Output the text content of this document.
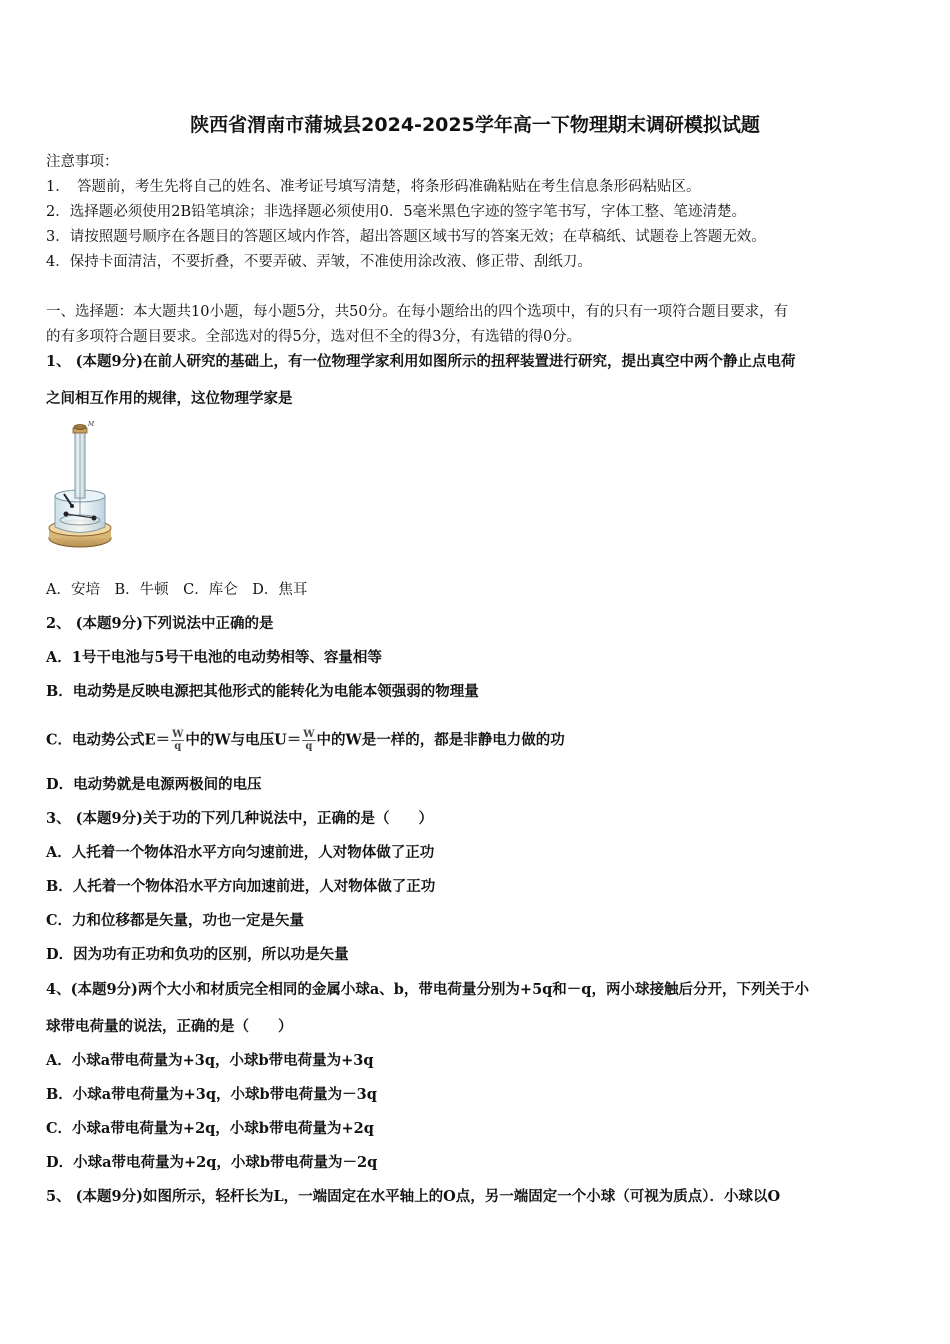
陕西省渭南市蒲城县2024-2025学年高一下物理期末调研模拟试题
注意事项：
1．　答题前，考生先将自己的姓名、准考证号填写清楚，将条形码准确粘贴在考生信息条形码粘贴区。
2．选择题必须使用2B铅笔填涂；非选择题必须使用0．5毫米黑色字迹的签字笔书写，字体工整、笔迹清楚。
3．请按照题号顺序在各题目的答题区域内作答，超出答题区域书写的答案无效；在草稿纸、试题卷上答题无效。
4．保持卡面清洁，不要折叠，不要弄破、弄皱，不准使用涂改液、修正带、刮纸刀。
一、选择题：本大题共10小题，每小题5分，共50分。在每小题给出的四个选项中，有的只有一项符合题目要求，有
的有多项符合题目要求。全部选对的得5分，选对但不全的得3分，有选错的得0分。
1、 (本题9分)在前人研究的基础上，有一位物理学家利用如图所示的扭秤装置进行研究，提出真空中两个静止点电荷
之间相互作用的规律，这位物理学家是
M
A．安培　B．牛顿　C．库仑　D．焦耳
2、 (本题9分)下列说法中正确的是
A．1号干电池与5号干电池的电动势相等、容量相等
B．电动势是反映电源把其他形式的能转化为电能本领强弱的物理量
C．电动势公式$E= \frac{W}{q}$ 中的W与电压$U= \frac{W}{q}$ 中的W是一样的，都是非静电力做的功
D．电动势就是电源两极间的电压
3、 (本题9分)关于功的下列几种说法中，正确的是（　　）
A．人托着一个物体沿水平方向匀速前进，人对物体做了正功
B．人托着一个物体沿水平方向加速前进，人对物体做了正功
C．力和位移都是矢量，功也一定是矢量
D．因为功有正功和负功的区别，所以功是矢量
4、(本题9分)两个大小和材质完全相同的金属小球a、b，带电荷量分别为+5q和－q，两小球接触后分开，下列关于小
球带电荷量的说法，正确的是（　　）
A．小球a带电荷量为+3q，小球b带电荷量为+3q
B．小球a带电荷量为+3q，小球b带电荷量为－3q
C．小球a带电荷量为+2q，小球b带电荷量为+2q
D．小球a带电荷量为+2q，小球b带电荷量为－2q
5、 (本题9分)如图所示，轻杆长为L，一端固定在水平轴上的O点，另一端固定一个小球（可视为质点）．小球以O
